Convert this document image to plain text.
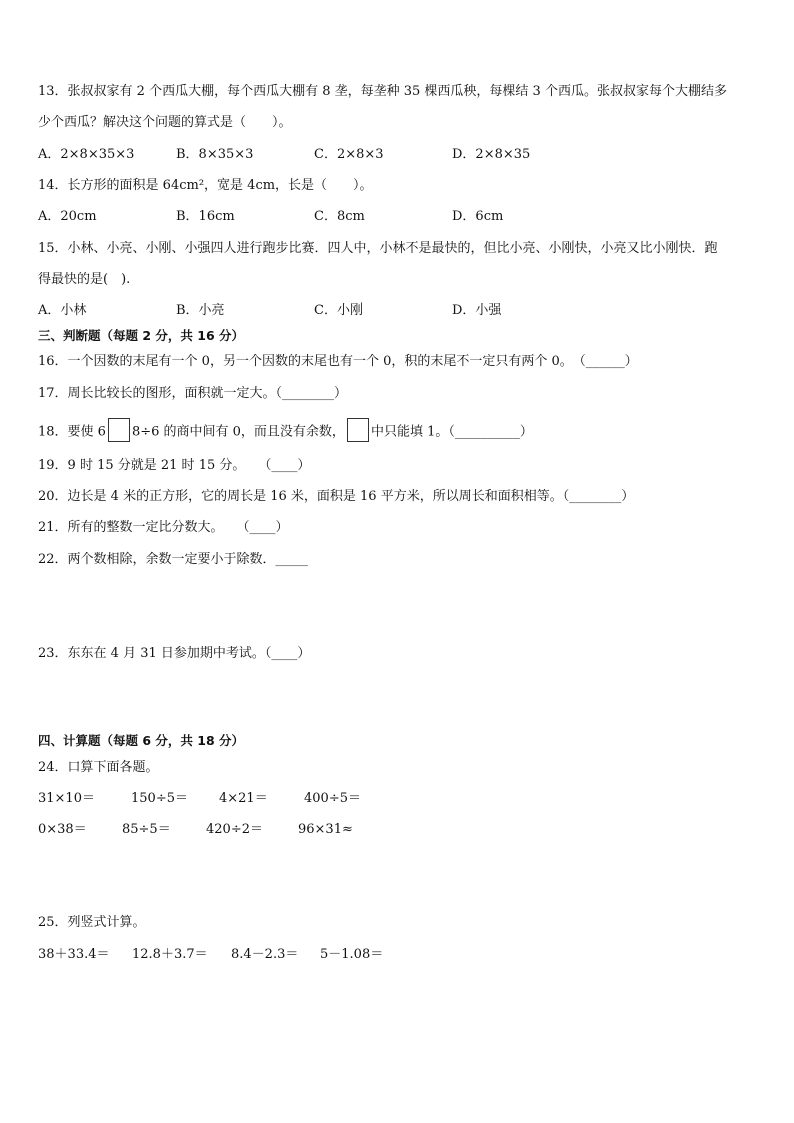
13．张叔叔家有 2 个西瓜大棚，每个西瓜大棚有 8 垄，每垄种 35 棵西瓜秧，每棵结 3 个西瓜。张叔叔家每个大棚结多
少个西瓜？解决这个问题的算式是（　　）。
A．2×8×35×3	B．8×35×3	C．2×8×3	D．2×8×35
14．长方形的面积是 64cm²，宽是 4cm，长是（　　）。
A．20cm	B．16cm	C．8cm	D．6cm
15．小林、小亮、小刚、小强四人进行跑步比赛．四人中，小林不是最快的，但比小亮、小刚快，小亮又比小刚快．跑
得最快的是(　).
A．小林	B．小亮	C．小刚	D．小强
三、判断题（每题 2 分，共 16 分）
16．一个因数的末尾有一个 0，另一个因数的末尾也有一个 0，积的末尾不一定只有两个 0。　（______）
17．周长比较长的图形，面积就一定大。（________）
18．要使 6 8÷6 的商中间有 0，而且没有余数， 中只能填 1。（__________）
19．9 时 15 分就是 21 时 15 分。　　（____）
20．边长是 4 米的正方形，它的周长是 16 米，面积是 16 平方米，所以周长和面积相等。（________）
21．所有的整数一定比分数大。　　（____）
22．两个数相除，余数一定要小于除数．_____
23．东东在 4 月 31 日参加期中考试。（____）
四、计算题（每题 6 分，共 18 分）
24．口算下面各题。
31×10＝	150÷5＝ 4×21＝	400÷5＝
0×38＝	85÷5＝	420÷2＝	96×31≈
25．列竖式计算。
38＋33.4＝ 12.8＋3.7＝ 8.4－2.3＝ 5－1.08＝
